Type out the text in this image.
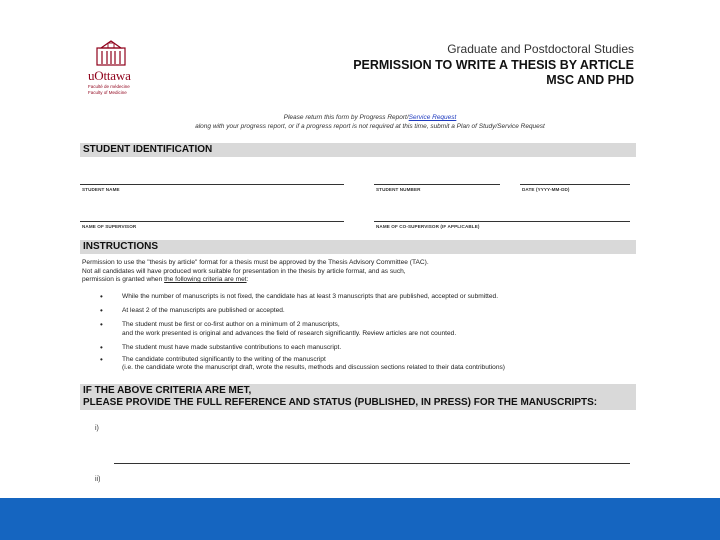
uOttawa
Faculté de médecine
Faculty of Medicine
Graduate and Postdoctoral Studies
PERMISSION TO WRITE A THESIS BY ARTICLE
MSC AND PHD
Please return this form by Progress Report/Service Request
along with your progress report, or if a progress report is not required at this time, submit a Plan of Study/Service Request
STUDENT IDENTIFICATION
STUDENT NAME	STUDENT NUMBER	DATE (YYYY-MM-DD)
NAME OF SUPERVISOR	NAME OF CO-SUPERVISOR (IF APPLICABLE)
INSTRUCTIONS
Permission to use the "thesis by article" format for a thesis must be approved by the Thesis Advisory Committee (TAC).
Not all candidates will have produced work suitable for presentation in the thesis by article format, and as such,
permission is granted when the following criteria are met:
• While the number of manuscripts is not fixed, the candidate has at least 3 manuscripts that are published, accepted or submitted.
• At least 2 of the manuscripts are published or accepted.
• The student must be first or co-first author on a minimum of 2 manuscripts,
and the work presented is original and advances the field of research significantly. Review articles are not counted.
• The student must have made substantive contributions to each manuscript.
• The candidate contributed significantly to the writing of the manuscript
(i.e. the candidate wrote the manuscript draft, wrote the results, methods and discussion sections related to their data contributions)
IF THE ABOVE CRITERIA ARE MET,
PLEASE PROVIDE THE FULL REFERENCE AND STATUS (PUBLISHED, IN PRESS) FOR THE MANUSCRIPTS:
i)
ii)
